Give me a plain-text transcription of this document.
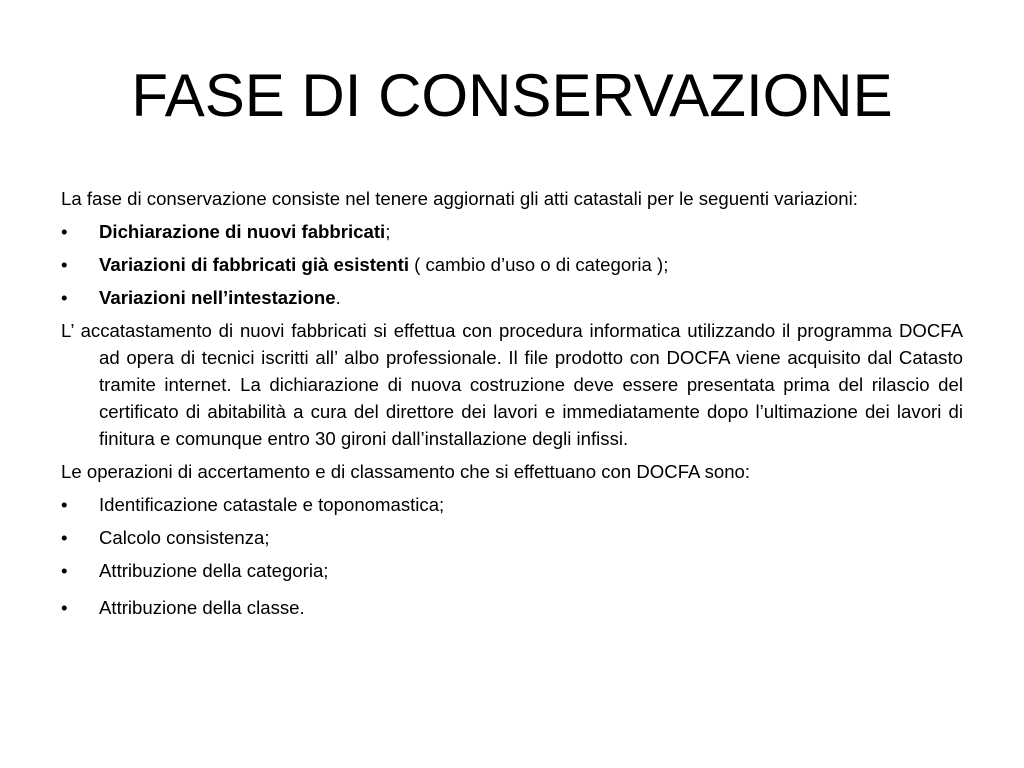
FASE DI CONSERVAZIONE

La fase di conservazione consiste nel tenere aggiornati gli atti catastali per le seguenti variazioni:

•	Dichiarazione di nuovi fabbricati;
•	Variazioni di fabbricati già esistenti ( cambio d’uso o di categoria );
•	Variazioni nell’intestazione.

L’ accatastamento di nuovi fabbricati si effettua con procedura informatica utilizzando il programma DOCFA ad opera di tecnici iscritti all’ albo professionale. Il file prodotto con DOCFA viene acquisito dal Catasto tramite internet. La dichiarazione di nuova costruzione deve essere presentata prima del rilascio del certificato di abitabilità a cura del direttore dei lavori e immediatamente dopo l’ultimazione dei lavori di finitura e comunque entro 30 gironi dall’installazione degli infissi.

Le operazioni di accertamento e di classamento che si effettuano con DOCFA sono:

•	Identificazione catastale e toponomastica;
•	Calcolo consistenza;
•	Attribuzione della categoria;
•	Attribuzione della classe.
